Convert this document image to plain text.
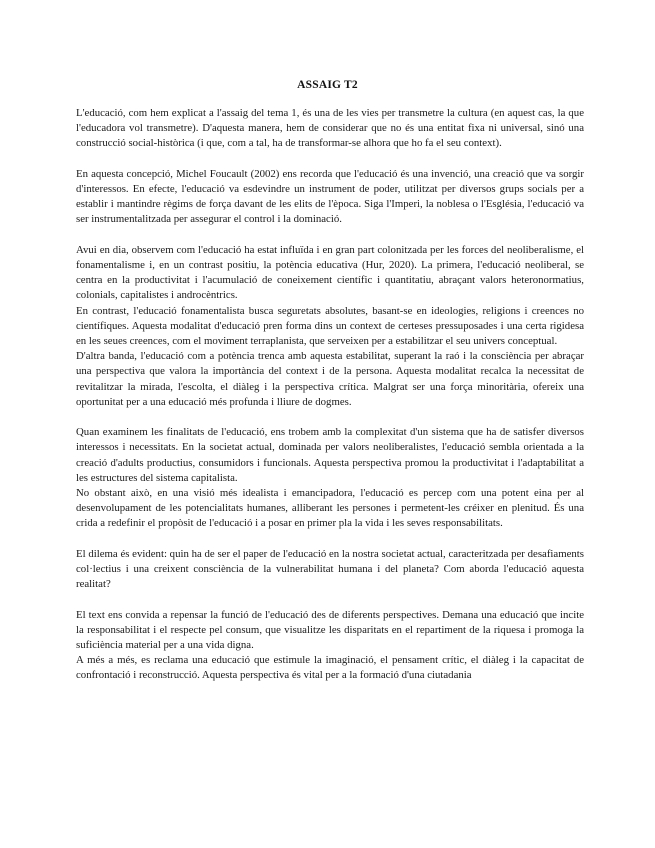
ASSAIG T2

L'educació, com hem explicat a l'assaig del tema 1, és una de les vies per transmetre la cultura (en aquest cas, la que l'educadora vol transmetre). D'aquesta manera, hem de considerar que no és una entitat fixa ni universal, sinó una construcció social-històrica (i que, com a tal, ha de transformar-se alhora que ho fa el seu context).

En aquesta concepció, Michel Foucault (2002) ens recorda que l'educació és una invenció, una creació que va sorgir d'interessos. En efecte, l'educació va esdevindre un instrument de poder, utilitzat per diversos grups socials per a establir i mantindre règims de força davant de les elits de l'època. Siga l'Imperi, la noblesa o l'Església, l'educació va ser instrumentalitzada per assegurar el control i la dominació.

Avui en dia, observem com l'educació ha estat influïda i en gran part colonitzada per les forces del neoliberalisme, el fonamentalisme i, en un contrast positiu, la potència educativa (Hur, 2020). La primera, l'educació neoliberal, se centra en la productivitat i l'acumulació de coneixement científic i quantitatiu, abraçant valors heteronormatius, colonials, capitalistes i androcèntrics.

En contrast, l'educació fonamentalista busca seguretats absolutes, basant-se en ideologies, religions i creences no científiques. Aquesta modalitat d'educació pren forma dins un context de certeses pressuposades i una certa rigidesa en les seues creences, com el moviment terraplanista, que serveixen per a estabilitzar el seu univers conceptual.

D'altra banda, l'educació com a potència trenca amb aquesta estabilitat, superant la raó i la consciència per abraçar una perspectiva que valora la importància del context i de la persona. Aquesta modalitat recalca la necessitat de revitalitzar la mirada, l'escolta, el diàleg i la perspectiva crítica. Malgrat ser una força minoritària, ofereix una oportunitat per a una educació més profunda i lliure de dogmes.

Quan examinem les finalitats de l'educació, ens trobem amb la complexitat d'un sistema que ha de satisfer diversos interessos i necessitats. En la societat actual, dominada per valors neoliberalistes, l'educació sembla orientada a la creació d'adults productius, consumidors i funcionals. Aquesta perspectiva promou la productivitat i l'adaptabilitat a les estructures del sistema capitalista.

No obstant això, en una visió més idealista i emancipadora, l'educació es percep com una potent eina per al desenvolupament de les potencialitats humanes, alliberant les persones i permetent-les créixer en plenitud. És una crida a redefinir el propòsit de l'educació i a posar en primer pla la vida i les seves responsabilitats.

El dilema és evident: quin ha de ser el paper de l'educació en la nostra societat actual, caracteritzada per desafiaments col·lectius i una creixent consciència de la vulnerabilitat humana i del planeta? Com aborda l'educació aquesta realitat?

El text ens convida a repensar la funció de l'educació des de diferents perspectives. Demana una educació que incite la responsabilitat i el respecte pel consum, que visualitze les disparitats en el repartiment de la riquesa i promoga la suficiència material per a una vida digna.

A més a més, es reclama una educació que estimule la imaginació, el pensament crític, el diàleg i la capacitat de confrontació i reconstrucció. Aquesta perspectiva és vital per a la formació d'una ciutadania
